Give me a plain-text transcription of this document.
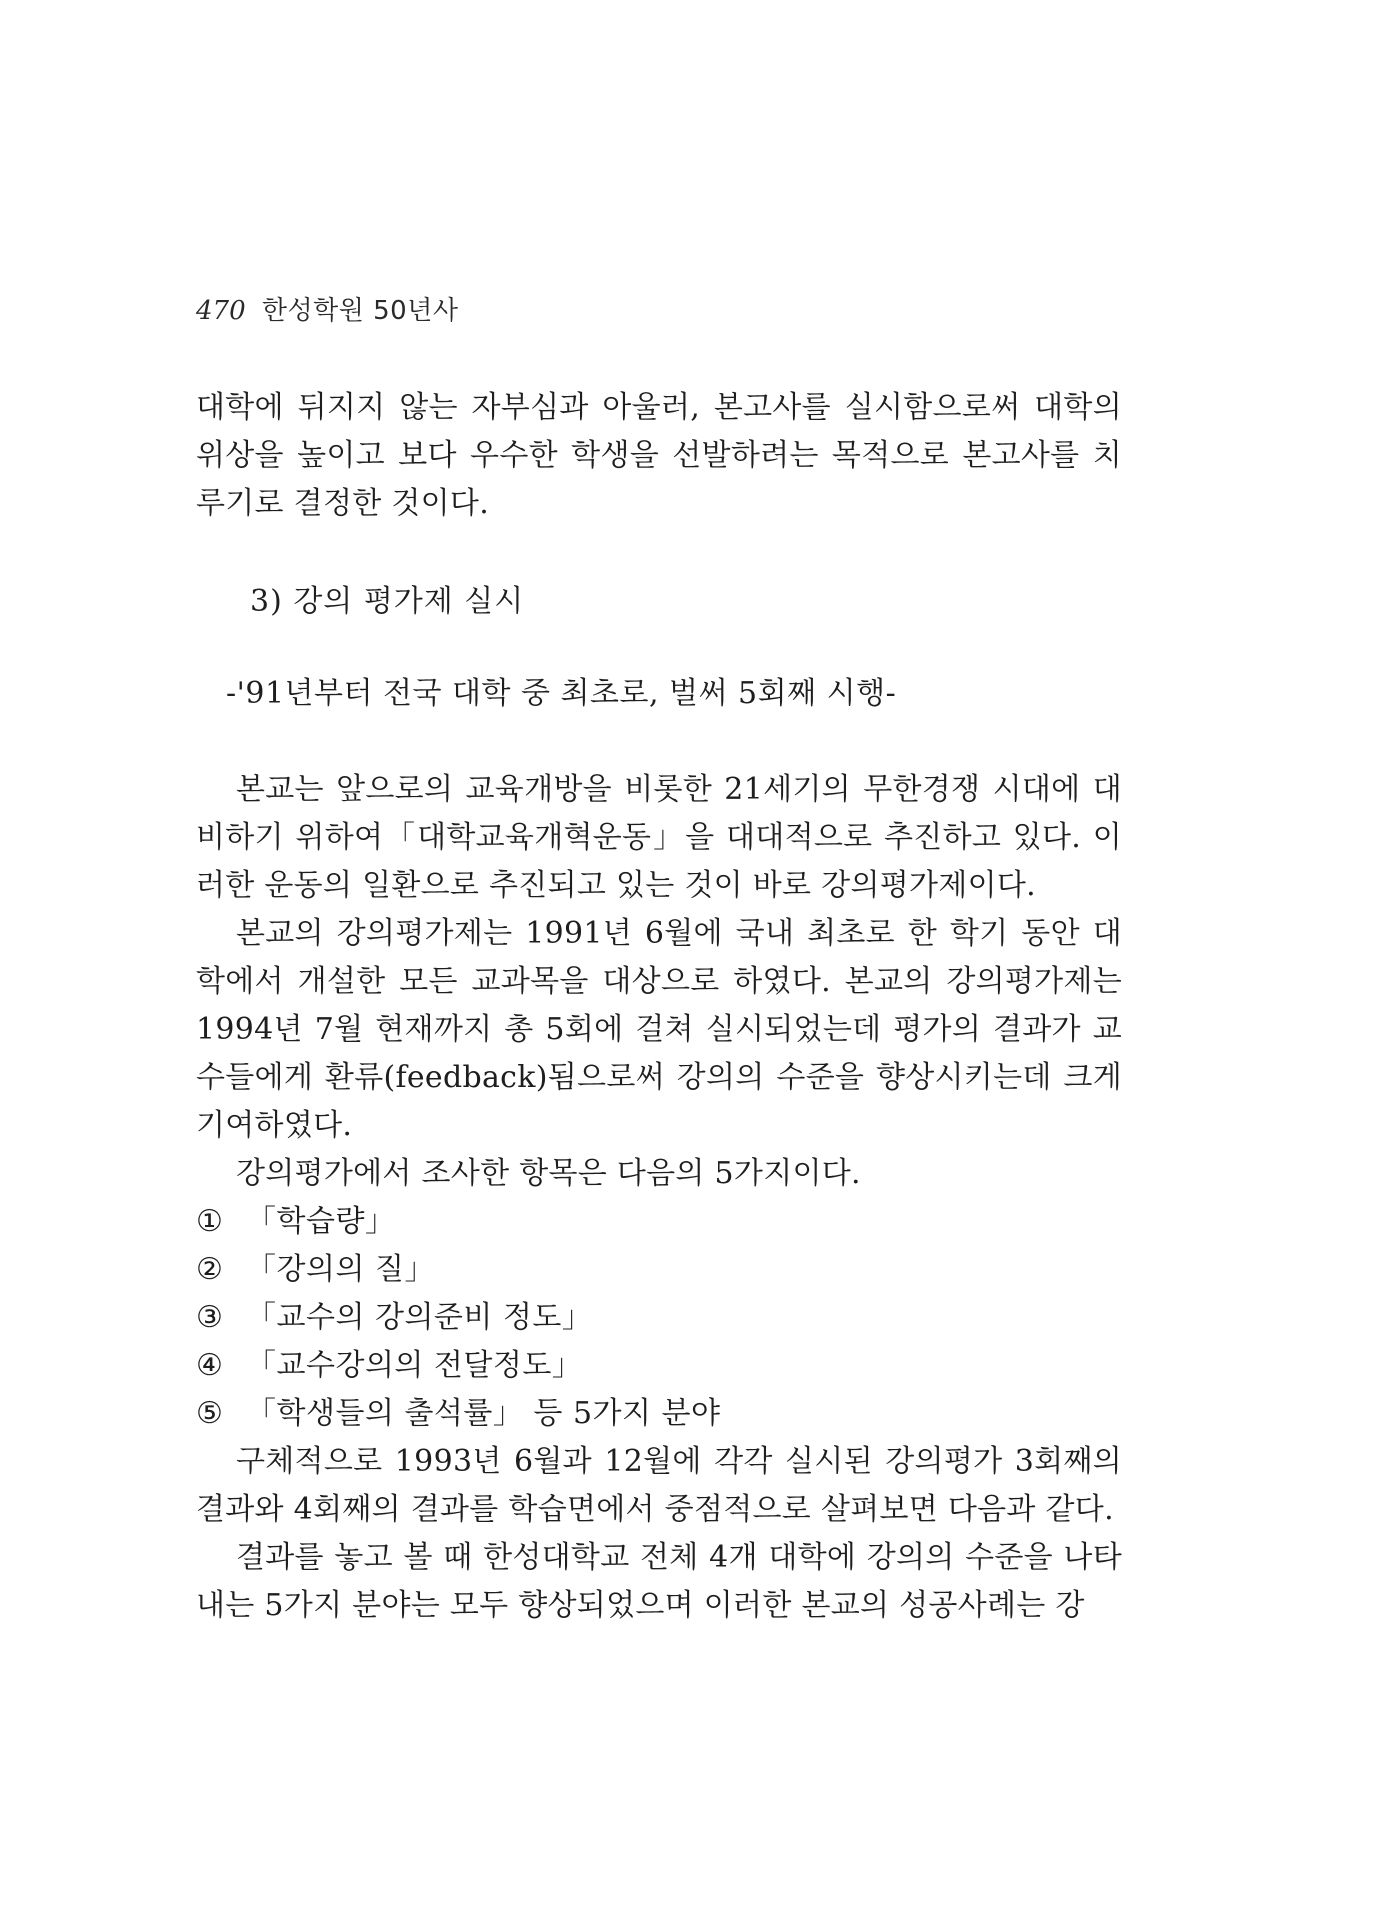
470 한성학원 50년사
대학에 뒤지지 않는 자부심과 아울러, 본고사를 실시함으로써 대학의 위상을 높이고 보다 우수한 학생을 선발하려는 목적으로 본고사를 치루기로 결정한 것이다.
3) 강의 평가제 실시
-'91년부터 전국 대학 중 최초로, 벌써 5회째 시행-

본교는 앞으로의 교육개방을 비롯한 21세기의 무한경쟁 시대에 대비하기 위하여「대학교육개혁운동」을 대대적으로 추진하고 있다. 이러한 운동의 일환으로 추진되고 있는 것이 바로 강의평가제이다.

본교의 강의평가제는 1991년 6월에 국내 최초로 한 학기 동안 대학에서 개설한 모든 교과목을 대상으로 하였다. 본교의 강의평가제는 1994년 7월 현재까지 총 5회에 걸쳐 실시되었는데 평가의 결과가 교수들에게 환류(feedback)됨으로써 강의의 수준을 향상시키는데 크게 기여하였다.

강의평가에서 조사한 항목은 다음의 5가지이다.

① 「학습량」
② 「강의의 질」
③ 「교수의 강의준비 정도」
④ 「교수강의의 전달정도」
⑤ 「학생들의 출석률」 등 5가지 분야

구체적으로 1993년 6월과 12월에 각각 실시된 강의평가 3회째의 결과와 4회째의 결과를 학습면에서 중점적으로 살펴보면 다음과 같다.

결과를 놓고 볼 때 한성대학교 전체 4개 대학에 강의의 수준을 나타내는 5가지 분야는 모두 향상되었으며 이러한 본교의 성공사례는 강
